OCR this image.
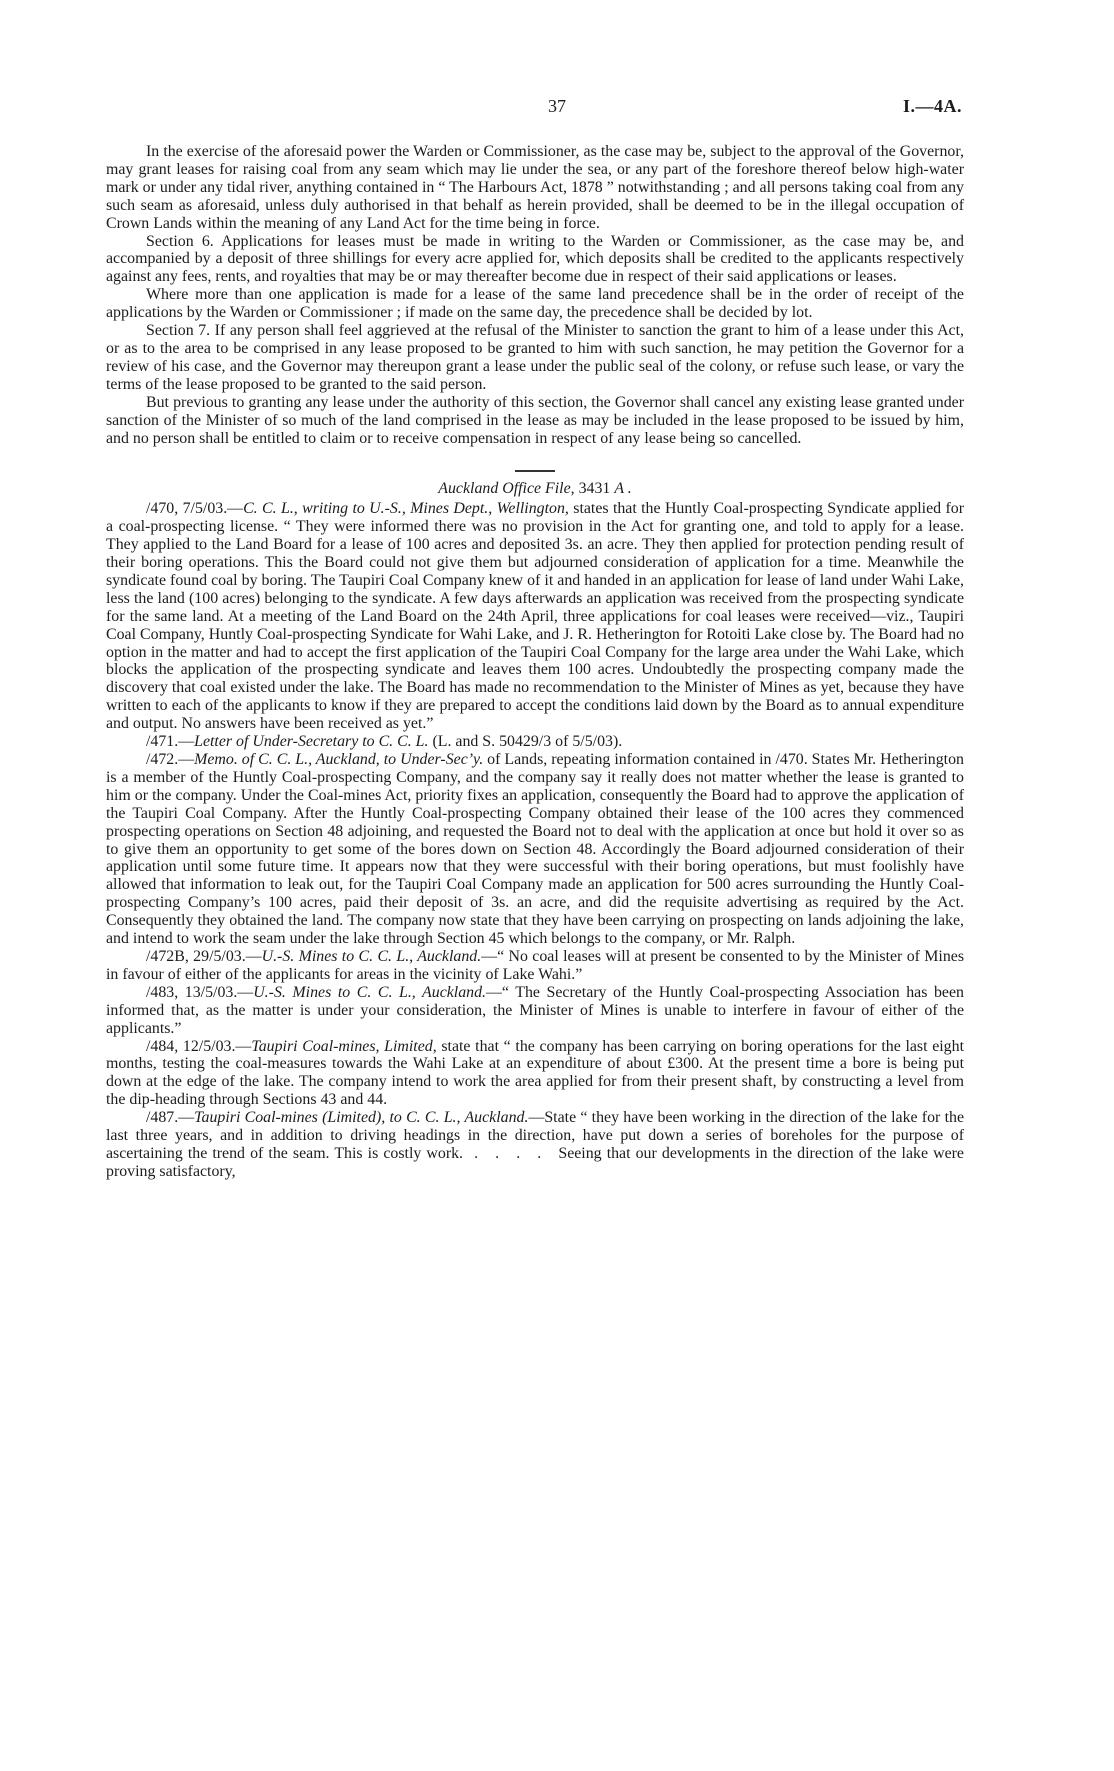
37	I.—4A.

In the exercise of the aforesaid power the Warden or Commissioner, as the case may be, subject to the approval of the Governor, may grant leases for raising coal from any seam which may lie under the sea, or any part of the foreshore thereof below high-water mark or under any tidal river, anything contained in “ The Harbours Act, 1878 ” notwithstanding ; and all persons taking coal from any such seam as aforesaid, unless duly authorised in that behalf as herein provided, shall be deemed to be in the illegal occupation of Crown Lands within the meaning of any Land Act for the time being in force.

Section 6. Applications for leases must be made in writing to the Warden or Commissioner, as the case may be, and accompanied by a deposit of three shillings for every acre applied for, which deposits shall be credited to the applicants respectively against any fees, rents, and royalties that may be or may thereafter become due in respect of their said applications or leases.

Where more than one application is made for a lease of the same land precedence shall be in the order of receipt of the applications by the Warden or Commissioner ; if made on the same day, the precedence shall be decided by lot.

Section 7. If any person shall feel aggrieved at the refusal of the Minister to sanction the grant to him of a lease under this Act, or as to the area to be comprised in any lease proposed to be granted to him with such sanction, he may petition the Governor for a review of his case, and the Governor may thereupon grant a lease under the public seal of the colony, or refuse such lease, or vary the terms of the lease proposed to be granted to the said person.

But previous to granting any lease under the authority of this section, the Governor shall cancel any existing lease granted under sanction of the Minister of so much of the land comprised in the lease as may be included in the lease proposed to be issued by him, and no person shall be entitled to claim or to receive compensation in respect of any lease being so cancelled.

Auckland Office File, 3431 A .

/470, 7/5/03.—C. C. L., writing to U.-S., Mines Dept., Wellington, states that the Huntly Coal-prospecting Syndicate applied for a coal-prospecting license. “ They were informed there was no provision in the Act for granting one, and told to apply for a lease. They applied to the Land Board for a lease of 100 acres and deposited 3s. an acre. They then applied for protection pending result of their boring operations. This the Board could not give them but adjourned consideration of application for a time. Meanwhile the syndicate found coal by boring. The Taupiri Coal Company knew of it and handed in an application for lease of land under Wahi Lake, less the land (100 acres) belonging to the syndicate. A few days afterwards an application was received from the prospecting syndicate for the same land. At a meeting of the Land Board on the 24th April, three applications for coal leases were received—viz., Taupiri Coal Company, Huntly Coal-prospecting Syndicate for Wahi Lake, and J. R. Hetherington for Rotoiti Lake close by. The Board had no option in the matter and had to accept the first application of the Taupiri Coal Company for the large area under the Wahi Lake, which blocks the application of the prospecting syndicate and leaves them 100 acres. Undoubtedly the prospecting company made the discovery that coal existed under the lake. The Board has made no recommendation to the Minister of Mines as yet, because they have written to each of the applicants to know if they are prepared to accept the conditions laid down by the Board as to annual expenditure and output. No answers have been received as yet.”

/471.—Letter of Under-Secretary to C. C. L. (L. and S. 50429/3 of 5/5/03).

/472.—Memo. of C. C. L., Auckland, to Under-Sec’y. of Lands, repeating information contained in /470. States Mr. Hetherington is a member of the Huntly Coal-prospecting Company, and the company say it really does not matter whether the lease is granted to him or the company. Under the Coal-mines Act, priority fixes an application, consequently the Board had to approve the application of the Taupiri Coal Company. After the Huntly Coal-prospecting Company obtained their lease of the 100 acres they commenced prospecting operations on Section 48 adjoining, and requested the Board not to deal with the application at once but hold it over so as to give them an opportunity to get some of the bores down on Section 48. Accordingly the Board adjourned consideration of their application until some future time. It appears now that they were successful with their boring operations, but must foolishly have allowed that information to leak out, for the Taupiri Coal Company made an application for 500 acres surrounding the Huntly Coal-prospecting Company’s 100 acres, paid their deposit of 3s. an acre, and did the requisite advertising as required by the Act. Consequently they obtained the land. The company now state that they have been carrying on prospecting on lands adjoining the lake, and intend to work the seam under the lake through Section 45 which belongs to the company, or Mr. Ralph.

/472B, 29/5/03.—U.-S. Mines to C. C. L., Auckland.—“ No coal leases will at present be consented to by the Minister of Mines in favour of either of the applicants for areas in the vicinity of Lake Wahi.”

/483, 13/5/03.—U.-S. Mines to C. C. L., Auckland.—“ The Secretary of the Huntly Coal-prospecting Association has been informed that, as the matter is under your consideration, the Minister of Mines is unable to interfere in favour of either of the applicants.”

/484, 12/5/03.—Taupiri Coal-mines, Limited, state that “ the company has been carrying on boring operations for the last eight months, testing the coal-measures towards the Wahi Lake at an expenditure of about £300. At the present time a bore is being put down at the edge of the lake. The company intend to work the area applied for from their present shaft, by constructing a level from the dip-heading through Sections 43 and 44.

/487.—Taupiri Coal-mines (Limited), to C. C. L., Auckland.—State “ they have been working in the direction of the lake for the last three years, and in addition to driving headings in the direction, have put down a series of boreholes for the purpose of ascertaining the trend of the seam. This is costly work. . . . . Seeing that our developments in the direction of the lake were proving satisfactory,
